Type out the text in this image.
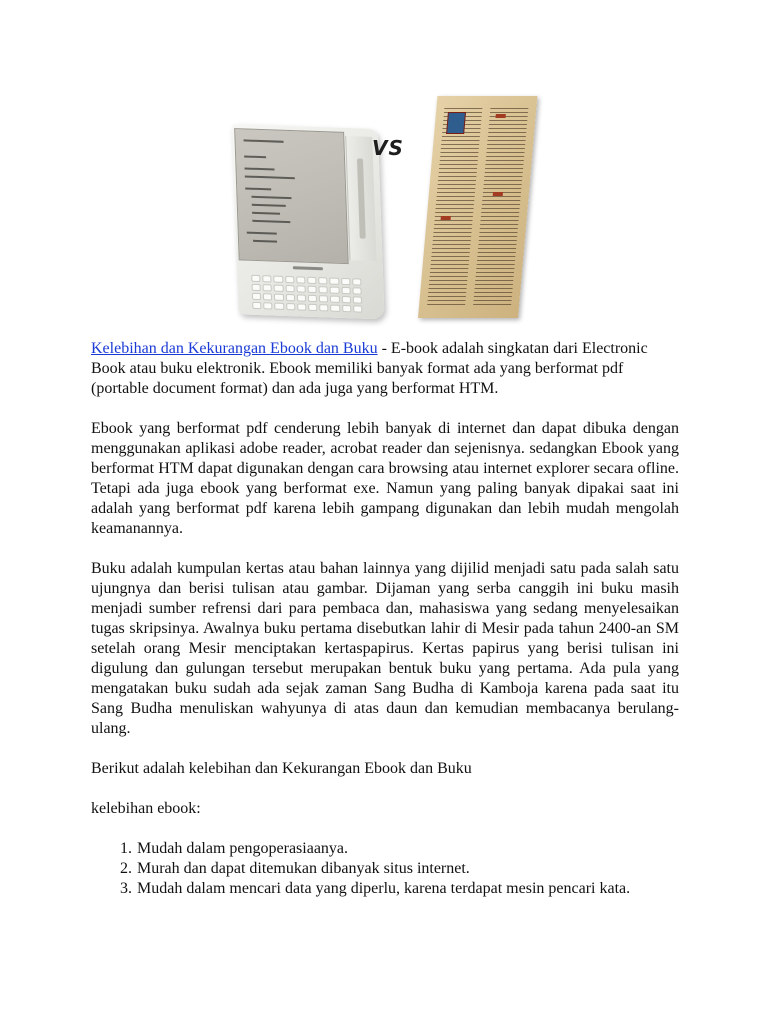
VS

Kelebihan dan Kekurangan Ebook dan Buku - E-book adalah singkatan dari Electronic Book atau buku elektronik. Ebook memiliki banyak format ada yang berformat pdf (portable document format) dan ada juga yang berformat HTM.

Ebook yang berformat pdf cenderung lebih banyak di internet dan dapat dibuka dengan menggunakan aplikasi adobe reader, acrobat reader dan sejenisnya. sedangkan Ebook yang berformat HTM dapat digunakan dengan cara browsing atau internet explorer secara ofline. Tetapi ada juga ebook yang berformat exe. Namun yang paling banyak dipakai saat ini adalah yang berformat pdf karena lebih gampang digunakan dan lebih mudah mengolah keamanannya.

Buku adalah kumpulan kertas atau bahan lainnya yang dijilid menjadi satu pada salah satu ujungnya dan berisi tulisan atau gambar. Dijaman yang serba canggih ini buku masih menjadi sumber refrensi dari para pembaca dan, mahasiswa yang sedang menyelesaikan tugas skripsinya. Awalnya buku pertama disebutkan lahir di Mesir pada tahun 2400-an SM setelah orang Mesir menciptakan kertaspapirus. Kertas papirus yang berisi tulisan ini digulung dan gulungan tersebut merupakan bentuk buku yang pertama. Ada pula yang mengatakan buku sudah ada sejak zaman Sang Budha di Kamboja karena pada saat itu Sang Budha menuliskan wahyunya di atas daun dan kemudian membacanya berulang-ulang.

Berikut adalah kelebihan dan Kekurangan Ebook dan Buku

kelebihan ebook:

1. Mudah dalam pengoperasiaanya.
2. Murah dan dapat ditemukan dibanyak situs internet.
3. Mudah dalam mencari data yang diperlu, karena terdapat mesin pencari kata.
